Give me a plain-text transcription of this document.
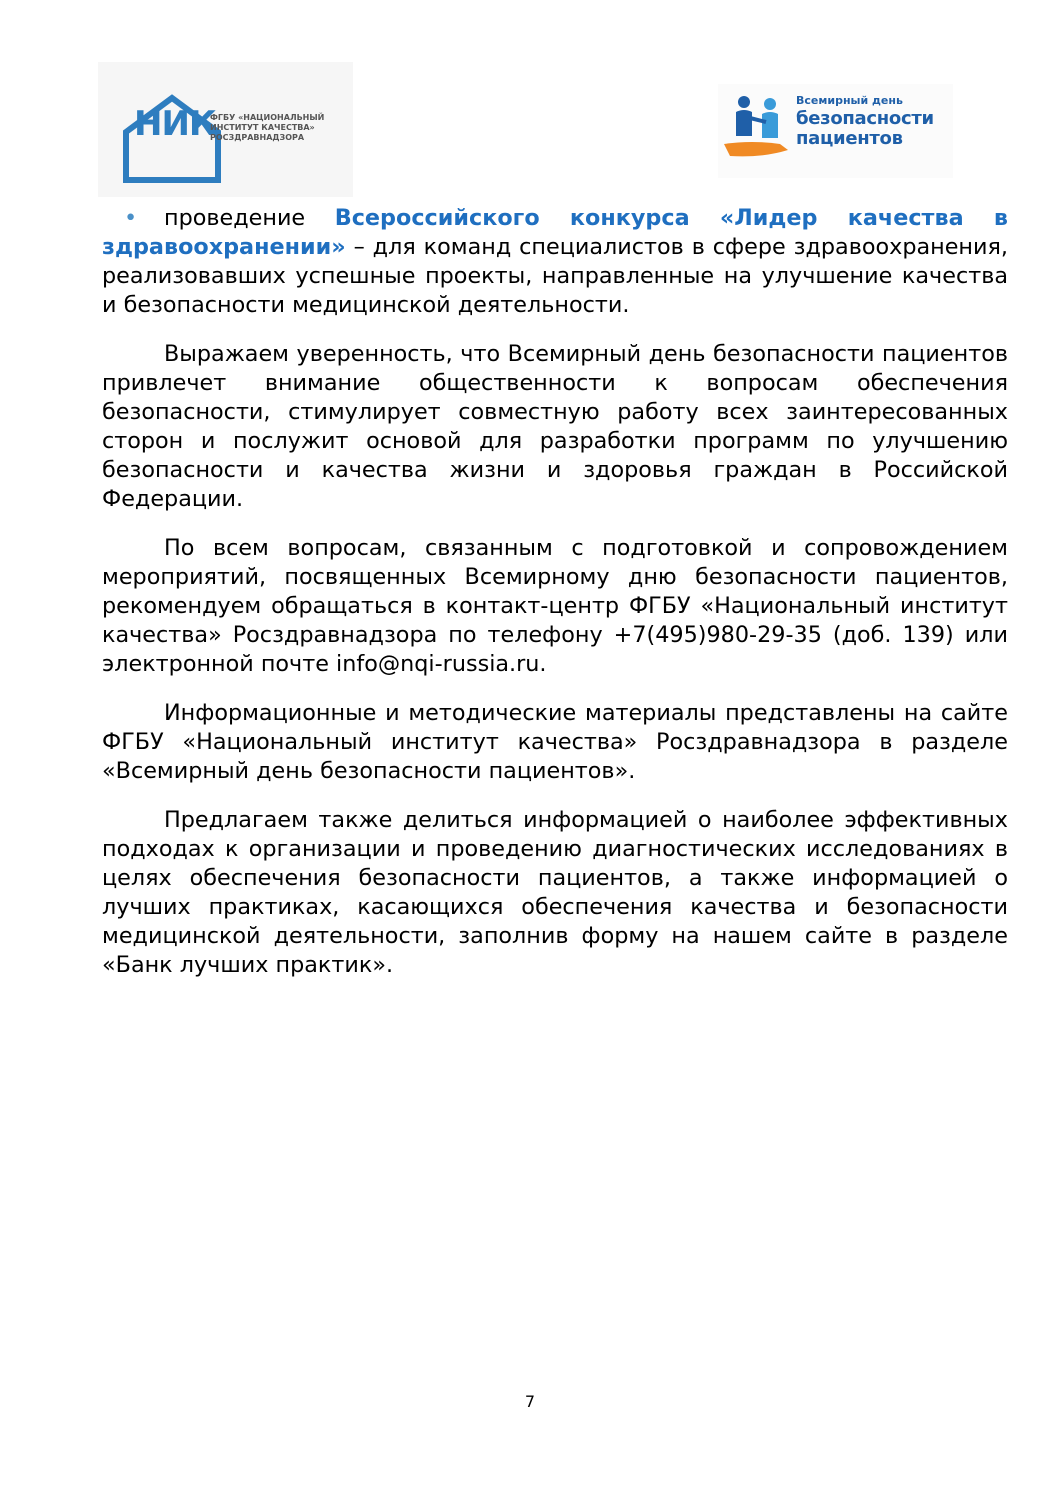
НИК
ФГБУ «НАЦИОНАЛЬНЫЙ
ИНСТИТУТ КАЧЕСТВА»
РОСЗДРАВНАДЗОРА
Всемирный день
безопасности
пациентов

• проведение Всероссийского конкурса «Лидер качества в здравоохранении» – для команд специалистов в сфере здравоохранения, реализовавших успешные проекты, направленные на улучшение качества и безопасности медицинской деятельности.

Выражаем уверенность, что Всемирный день безопасности пациентов привлечет внимание общественности к вопросам обеспечения безопасности, стимулирует совместную работу всех заинтересованных сторон и послужит основой для разработки программ по улучшению безопасности и качества жизни и здоровья граждан в Российской Федерации.

По всем вопросам, связанным с подготовкой и сопровождением мероприятий, посвященных Всемирному дню безопасности пациентов, рекомендуем обращаться в контакт-центр ФГБУ «Национальный институт качества» Росздравнадзора по телефону +7(495)980-29-35 (доб. 139) или электронной почте info@nqi-russia.ru.

Информационные и методические материалы представлены на сайте ФГБУ «Национальный институт качества» Росздравнадзора в разделе «Всемирный день безопасности пациентов».

Предлагаем также делиться информацией о наиболее эффективных подходах к организации и проведению диагностических исследованиях в целях обеспечения безопасности пациентов, а также информацией о лучших практиках, касающихся обеспечения качества и безопасности медицинской деятельности, заполнив форму на нашем сайте в разделе «Банк лучших практик».

7
